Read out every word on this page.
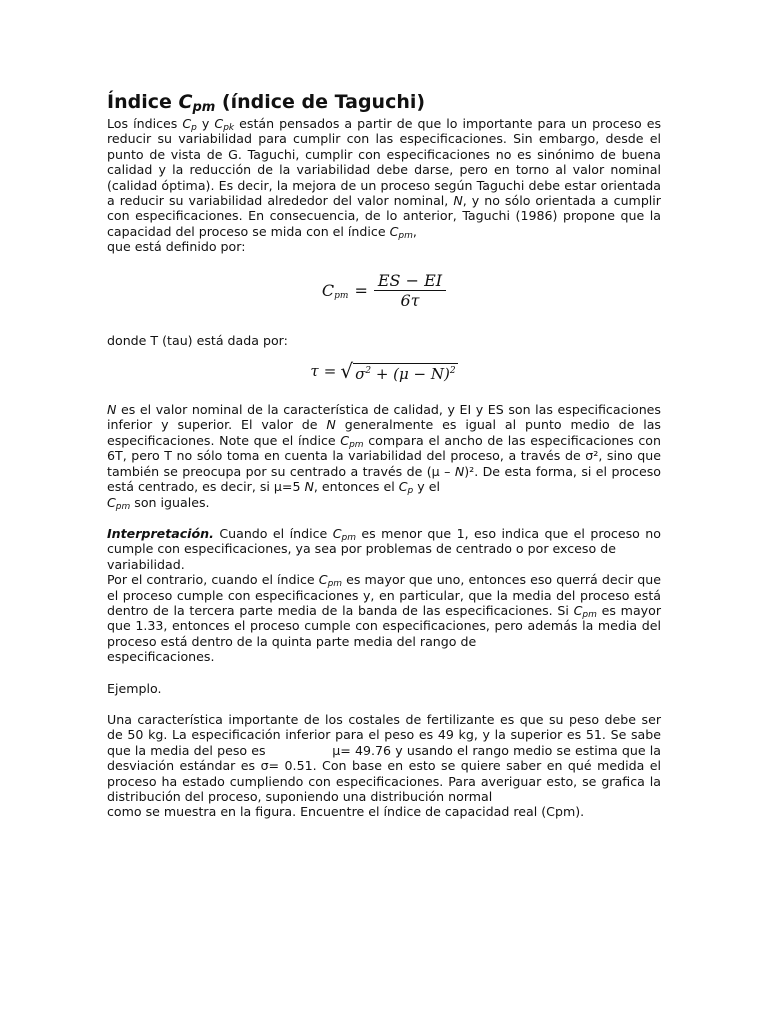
Índice $C_{pm}$ (índice de Taguchi)

Los índices $C_p$ y $C_{pk}$ están pensados a partir de que lo importante para un proceso es reducir su variabilidad para cumplir con las especificaciones. Sin embargo, desde el punto de vista de G. Taguchi, cumplir con especificaciones no es sinónimo de buena calidad y la reducción de la variabilidad debe darse, pero en torno al valor nominal (calidad óptima). Es decir, la mejora de un proceso según Taguchi debe estar orientada a reducir su variabilidad alrededor del valor nominal, N, y no sólo orientada a cumplir con especificaciones. En consecuencia, de lo anterior, Taguchi (1986) propone que la capacidad del proceso se mida con el índice $C_{pm}$,

que está definido por:

$C_{pm} = \frac{ES - EI}{6\tau}$

donde T (tau) está dada por:

τ = √ $\sigma^2 + (\mu - N)^2$

N es el valor nominal de la característica de calidad, y EI y ES son las especificaciones inferior y superior. El valor de N generalmente es igual al punto medio de las especificaciones. Note que el índice $C_{pm}$ compara el ancho de las especificaciones con 6T, pero T no sólo toma en cuenta la variabilidad del proceso, a través de σ², sino que también se preocupa por su centrado a través de (μ – N)². De esta forma, si el proceso está centrado, es decir, si μ=5 N, entonces el $C_p$ y el

$C_{pm}$ son iguales.

Interpretación. Cuando el índice $C_{pm}$ es menor que 1, eso indica que el proceso no cumple con especificaciones, ya sea por problemas de centrado o por exceso de

variabilidad.

Por el contrario, cuando el índice $C_{pm}$ es mayor que uno, entonces eso querrá decir que el proceso cumple con especificaciones y, en particular, que la media del proceso está dentro de la tercera parte media de la banda de las especificaciones. Si $C_{pm}$ es mayor que 1.33, entonces el proceso cumple con especificaciones, pero además la media del proceso está dentro de la quinta parte media del rango de

especificaciones.

Ejemplo.

Una característica importante de los costales de fertilizante es que su peso debe ser de 50 kg. La especificación inferior para el peso es 49 kg, y la superior es 51. Se sabe que la media del peso es                μ= 49.76 y usando el rango medio se estima que la desviación estándar es σ= 0.51. Con base en esto se quiere saber en qué medida el proceso ha estado cumpliendo con especificaciones. Para averiguar esto, se grafica la distribución del proceso, suponiendo una distribución normal

como se muestra en la figura. Encuentre el índice de capacidad real (Cpm).
